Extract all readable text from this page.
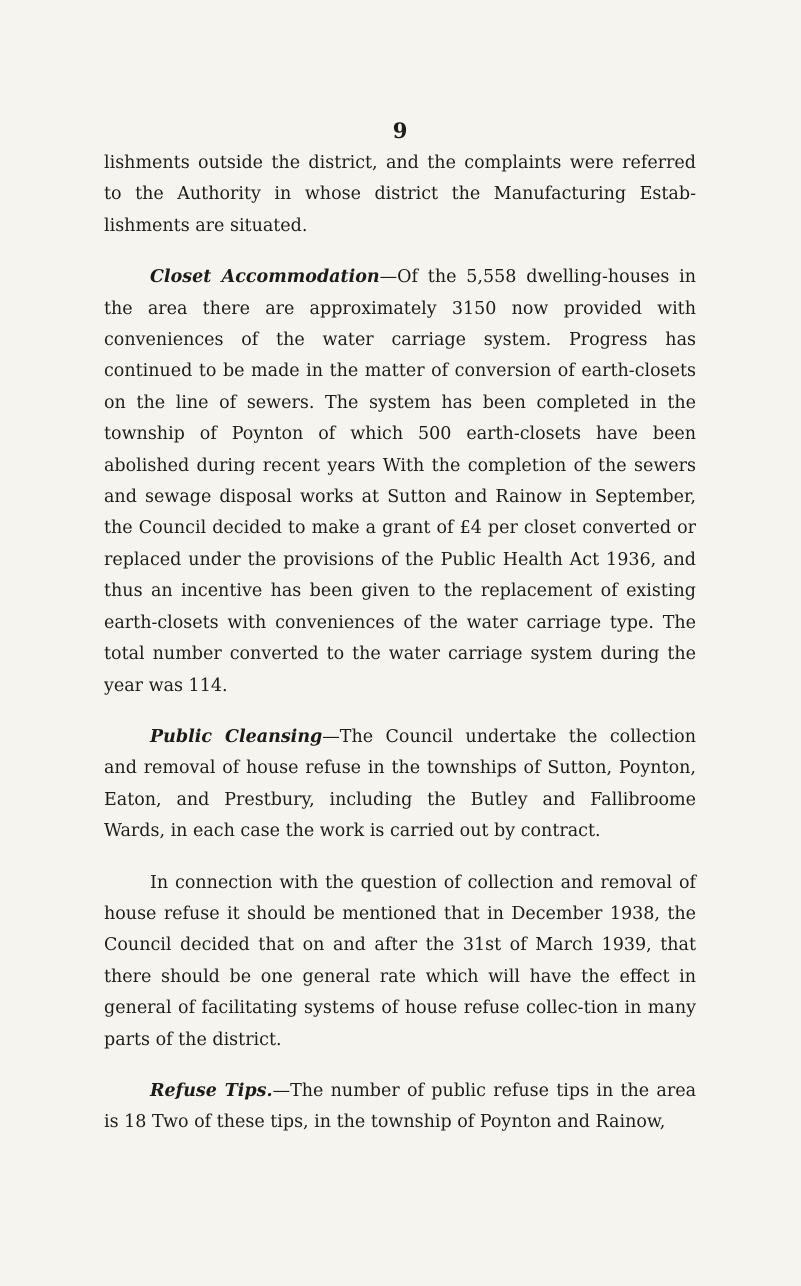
9

lishments outside the district, and the complaints were referred to the Authority in whose district the Manufacturing Estab-lishments are situated.

Closet Accommodation—Of the 5,558 dwelling-houses in the area there are approximately 3150 now provided with conveniences of the water carriage system. Progress has continued to be made in the matter of conversion of earth-closets on the line of sewers. The system has been completed in the township of Poynton of which 500 earth-closets have been abolished during recent years With the completion of the sewers and sewage disposal works at Sutton and Rainow in September, the Council decided to make a grant of £4 per closet converted or replaced under the provisions of the Public Health Act 1936, and thus an incentive has been given to the replacement of existing earth-closets with conveniences of the water carriage type. The total number converted to the water carriage system during the year was 114.

Public Cleansing—The Council undertake the collection and removal of house refuse in the townships of Sutton, Poynton, Eaton, and Prestbury, including the Butley and Fallibroome Wards, in each case the work is carried out by contract.

In connection with the question of collection and removal of house refuse it should be mentioned that in December 1938, the Council decided that on and after the 31st of March 1939, that there should be one general rate which will have the effect in general of facilitating systems of house refuse collec-tion in many parts of the district.

Refuse Tips.—The number of public refuse tips in the area is 18 Two of these tips, in the township of Poynton and Rainow,
